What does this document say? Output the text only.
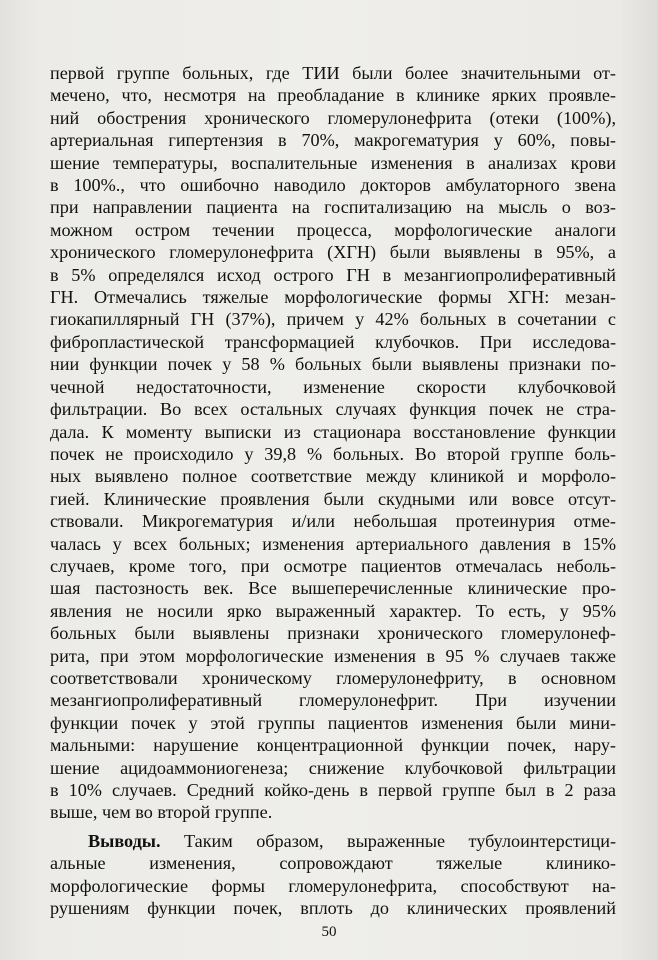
первой группе больных, где ТИИ были более значительными от-
мечено, что, несмотря на преобладание в клинике ярких проявле-
ний обострения хронического гломерулонефрита (отеки (100%),
артериальная гипертензия в 70%, макрогематурия у 60%, повы-
шение температуры, воспалительные изменения в анализах крови
в 100%., что ошибочно наводило докторов амбулаторного звена
при направлении пациента на госпитализацию на мысль о воз-
можном остром течении процесса, морфологические аналоги
хронического гломерулонефрита (ХГН) были выявлены в 95%, а
в 5% определялся исход острого ГН в мезангиопролиферативный
ГН. Отмечались тяжелые морфологические формы ХГН: мезан-
гиокапиллярный ГН (37%), причем у 42% больных в сочетании с
фибропластической трансформацией клубочков. При исследова-
нии функции почек у 58 % больных были выявлены признаки по-
чечной недостаточности, изменение скорости клубочковой
фильтрации. Во всех остальных случаях функция почек не стра-
дала. К моменту выписки из стационара восстановление функции
почек не происходило у 39,8 % больных. Во второй группе боль-
ных выявлено полное соответствие между клиникой и морфоло-
гией. Клинические проявления были скудными или вовсе отсут-
ствовали. Микрогематурия и/или небольшая протеинурия отме-
чалась у всех больных; изменения артериального давления в 15%
случаев, кроме того, при осмотре пациентов отмечалась неболь-
шая пастозность век. Все вышеперечисленные клинические про-
явления не носили ярко выраженный характер. То есть, у 95%
больных были выявлены признаки хронического гломерулонеф-
рита, при этом морфологические изменения в 95 % случаев также
соответствовали хроническому гломерулонефриту, в основном
мезангиопролиферативный гломерулонефрит. При изучении
функции почек у этой группы пациентов изменения были мини-
мальными: нарушение концентрационной функции почек, нару-
шение ацидоаммониогенеза; снижение клубочковой фильтрации
в 10% случаев. Средний койко-день в первой группе был в 2 раза
выше, чем во второй группе.
Выводы. Таким образом, выраженные тубулоинтерстици-
альные изменения, сопровождают тяжелые клинико-
морфологические формы гломерулонефрита, способствуют на-
рушениям функции почек, вплоть до клинических проявлений
50
